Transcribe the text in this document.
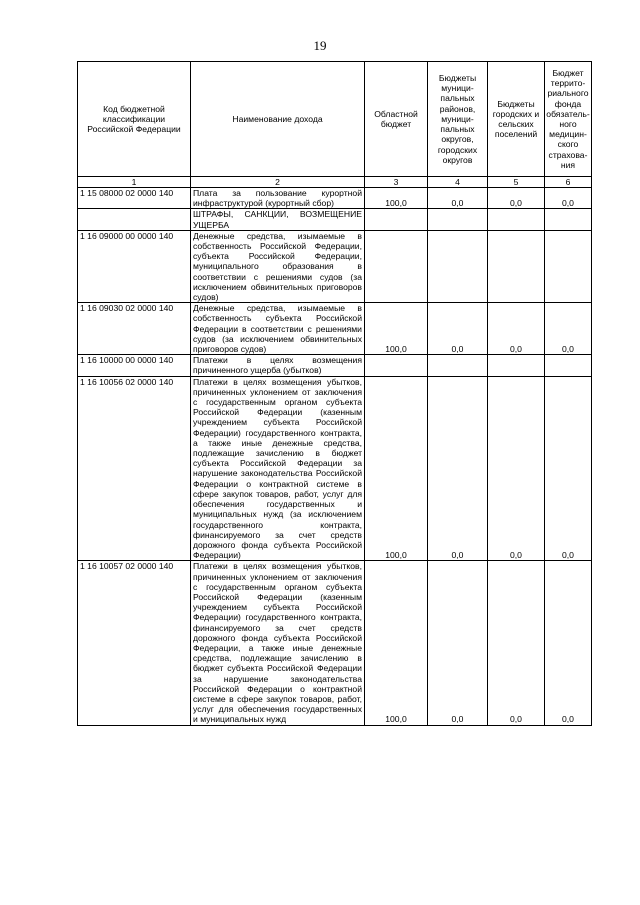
19
Код бюджетной классификации Российской Федерации	Наименование дохода	Областной бюджет	Бюджеты муници-пальных районов, муници-пальных округов, городских округов	Бюджеты городских и сельских поселений	Бюджет террито-риального фонда обязатель-ного медицин-ского страхова-ния
1	2	3	4	5	6
1 15 08000 02 0000 140	Плата за пользование курортной инфраструктурой (курортный сбор)	100,0	0,0	0,0	0,0
	ШТРАФЫ, САНКЦИИ, ВОЗМЕЩЕНИЕ УЩЕРБА				
1 16 09000 00 0000 140	Денежные средства, изымаемые в собственность Российской Федерации, субъекта Российской Федерации, муниципального образования в соответствии с решениями судов (за исключением обвинительных приговоров судов)				
1 16 09030 02 0000 140	Денежные средства, изымаемые в собственность субъекта Российской Федерации в соответствии с решениями судов (за исключением обвинительных приговоров судов)	100,0	0,0	0,0	0,0
1 16 10000 00 0000 140	Платежи в целях возмещения причиненного ущерба (убытков)				
1 16 10056 02 0000 140	Платежи в целях возмещения убытков, причиненных уклонением от заключения с государственным органом субъекта Российской Федерации (казенным учреждением субъекта Российской Федерации) государственного контракта, а также иные денежные средства, подлежащие зачислению в бюджет субъекта Российской Федерации за нарушение законодательства Российской Федерации о контрактной системе в сфере закупок товаров, работ, услуг для обеспечения государственных и муниципальных нужд (за исключением государственного контракта, финансируемого за счет средств дорожного фонда субъекта Российской Федерации)	100,0	0,0	0,0	0,0
1 16 10057 02 0000 140	Платежи в целях возмещения убытков, причиненных уклонением от заключения с государственным органом субъекта Российской Федерации (казенным учреждением субъекта Российской Федерации) государственного контракта, финансируемого за счет средств дорожного фонда субъекта Российской Федерации, а также иные денежные средства, подлежащие зачислению в бюджет субъекта Российской Федерации за нарушение законодательства Российской Федерации о контрактной системе в сфере закупок товаров, работ, услуг для обеспечения государственных и муниципальных нужд	100,0	0,0	0,0	0,0
